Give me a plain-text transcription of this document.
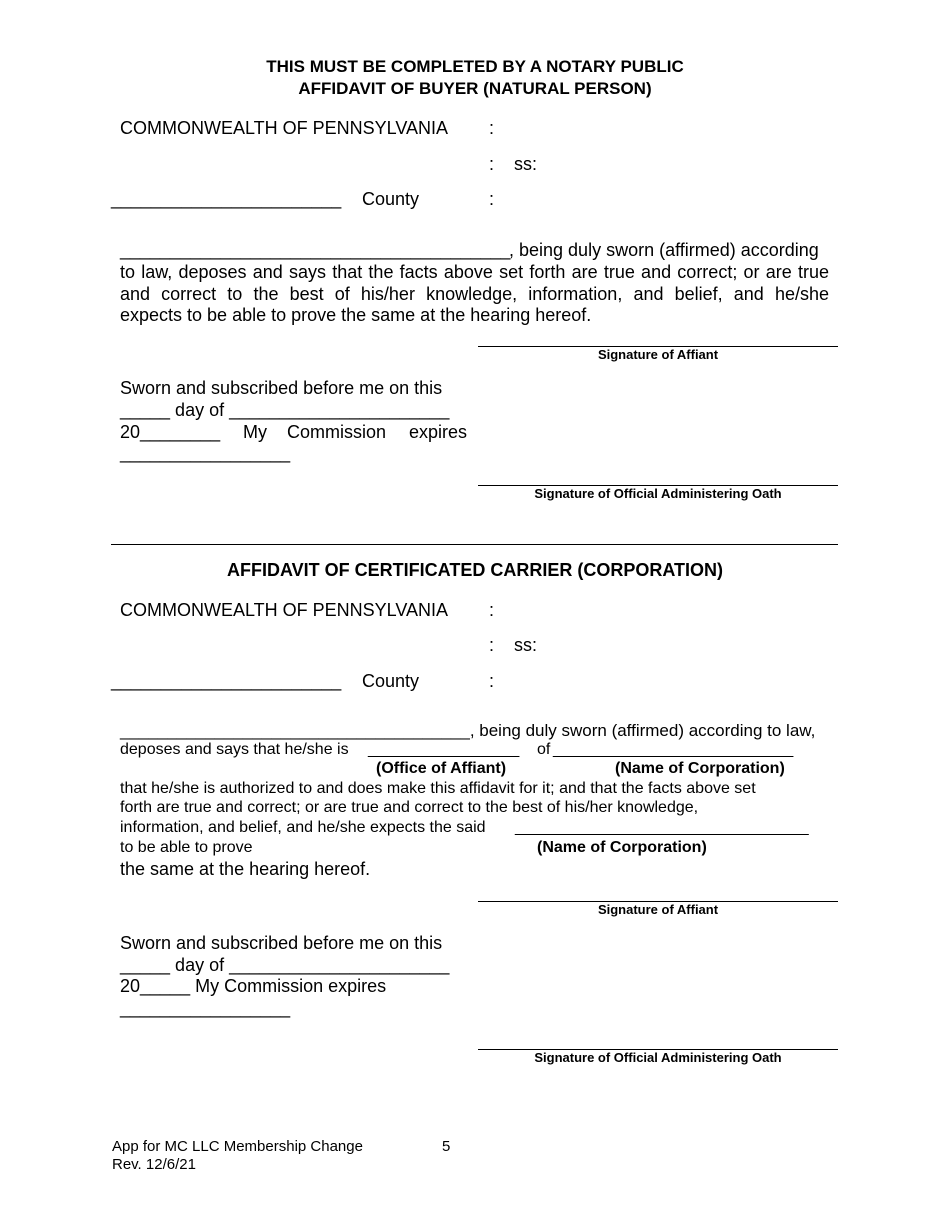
THIS MUST BE COMPLETED BY A NOTARY PUBLIC
AFFIDAVIT OF BUYER (NATURAL PERSON)
COMMONWEALTH OF PENNSYLVANIA :
: ss:
_______________________ County	:
_______________________________________
, being duly sworn (affirmed) according
to law, deposes and says that the facts above set forth are true and correct; or are true
and correct to the best of his/her knowledge, information, and belief, and he/she
expects to be able to prove the same at the hearing hereof.
Signature of Affiant
Sworn and subscribed before me on this
_____ day of ______________________
20________ My Commission expires
_________________
Signature of Official Administering Oath
AFFIDAVIT OF CERTIFICATED CARRIER (CORPORATION)
COMMONWEALTH OF PENNSYLVANIA :
: ss:
_______________________ County	:
_____________________________________, being duly sworn (affirmed) according to law,
deposes and says that he/she is _________________ of ___________________________
(Office of Affiant)	(Name of Corporation)
that he/she is authorized to and does make this affidavit for it; and that the facts above set
forth are true and correct; or are true and correct to the best of his/her knowledge,
information, and belief, and he/she expects the said _________________________________
to be able to prove	(Name of Corporation)
the same at the hearing hereof.
Signature of Affiant
Sworn and subscribed before me on this
_____ day of ______________________
20_____ My Commission expires
_________________
Signature of Official Administering Oath
App for MC LLC Membership Change	5
Rev. 12/6/21
